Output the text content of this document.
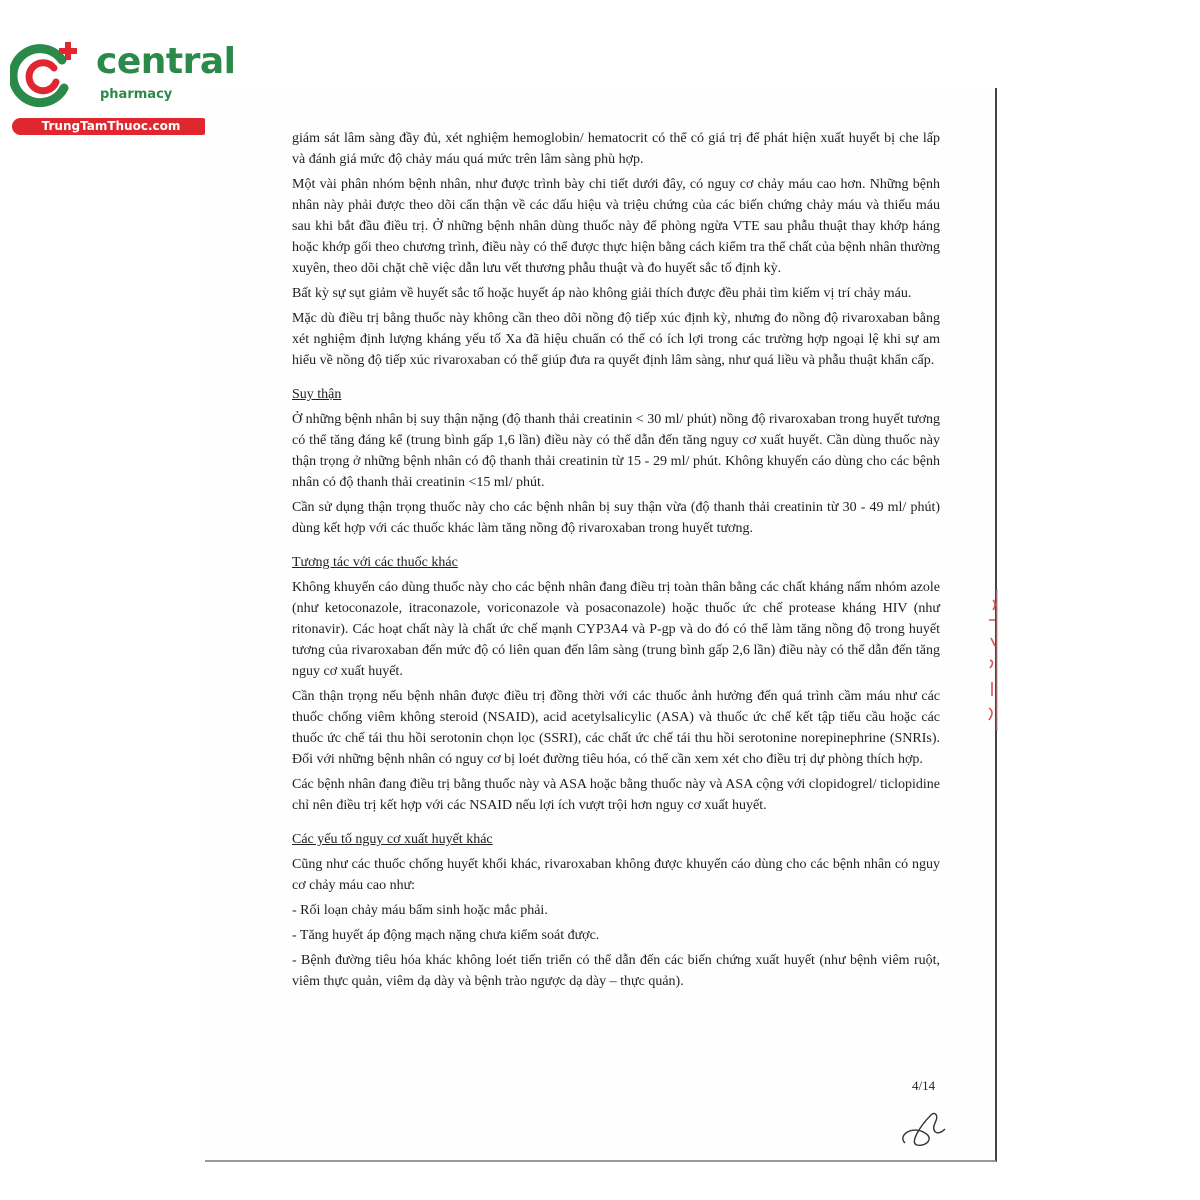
central
pharmacy
TrungTamThuoc.com

giám sát lâm sàng đầy đủ, xét nghiệm hemoglobin/ hematocrit có thể có giá trị để phát hiện xuất huyết bị che lấp và đánh giá mức độ chảy máu quá mức trên lâm sàng phù hợp.

Một vài phân nhóm bệnh nhân, như được trình bày chi tiết dưới đây, có nguy cơ chảy máu cao hơn. Những bệnh nhân này phải được theo dõi cẩn thận về các dấu hiệu và triệu chứng của các biến chứng chảy máu và thiếu máu sau khi bắt đầu điều trị. Ở những bệnh nhân dùng thuốc này để phòng ngừa VTE sau phẫu thuật thay khớp háng hoặc khớp gối theo chương trình, điều này có thể được thực hiện bằng cách kiểm tra thể chất của bệnh nhân thường xuyên, theo dõi chặt chẽ việc dẫn lưu vết thương phẫu thuật và đo huyết sắc tố định kỳ.

Bất kỳ sự sụt giảm về huyết sắc tố hoặc huyết áp nào không giải thích được đều phải tìm kiếm vị trí chảy máu.

Mặc dù điều trị bằng thuốc này không cần theo dõi nồng độ tiếp xúc định kỳ, nhưng đo nồng độ rivaroxaban bằng xét nghiệm định lượng kháng yếu tố Xa đã hiệu chuẩn có thể có ích lợi trong các trường hợp ngoại lệ khi sự am hiểu về nồng độ tiếp xúc rivaroxaban có thể giúp đưa ra quyết định lâm sàng, như quá liều và phẫu thuật khẩn cấp.

Suy thận

Ở những bệnh nhân bị suy thận nặng (độ thanh thải creatinin < 30 ml/ phút) nồng độ rivaroxaban trong huyết tương có thể tăng đáng kể (trung bình gấp 1,6 lần) điều này có thể dẫn đến tăng nguy cơ xuất huyết. Cần dùng thuốc này thận trọng ở những bệnh nhân có độ thanh thải creatinin từ 15 - 29 ml/ phút. Không khuyến cáo dùng cho các bệnh nhân có độ thanh thải creatinin <15 ml/ phút.

Cần sử dụng thận trọng thuốc này cho các bệnh nhân bị suy thận vừa (độ thanh thải creatinin từ 30 - 49 ml/ phút) dùng kết hợp với các thuốc khác làm tăng nồng độ rivaroxaban trong huyết tương.

Tương tác với các thuốc khác

Không khuyến cáo dùng thuốc này cho các bệnh nhân đang điều trị toàn thân bằng các chất kháng nấm nhóm azole (như ketoconazole, itraconazole, voriconazole và posaconazole) hoặc thuốc ức chế protease kháng HIV (như ritonavir). Các hoạt chất này là chất ức chế mạnh CYP3A4 và P-gp và do đó có thể làm tăng nồng độ trong huyết tương của rivaroxaban đến mức độ có liên quan đến lâm sàng (trung bình gấp 2,6 lần) điều này có thể dẫn đến tăng nguy cơ xuất huyết.

Cần thận trọng nếu bệnh nhân được điều trị đồng thời với các thuốc ảnh hưởng đến quá trình cầm máu như các thuốc chống viêm không steroid (NSAID), acid acetylsalicylic (ASA) và thuốc ức chế kết tập tiểu cầu hoặc các thuốc ức chế tái thu hồi serotonin chọn lọc (SSRI), các chất ức chế tái thu hồi serotonine norepinephrine (SNRIs). Đối với những bệnh nhân có nguy cơ bị loét đường tiêu hóa, có thể cần xem xét cho điều trị dự phòng thích hợp.

Các bệnh nhân đang điều trị bằng thuốc này và ASA hoặc bằng thuốc này và ASA cộng với clopidogrel/ ticlopidine chỉ nên điều trị kết hợp với các NSAID nếu lợi ích vượt trội hơn nguy cơ xuất huyết.

Các yếu tố nguy cơ xuất huyết khác

Cũng như các thuốc chống huyết khối khác, rivaroxaban không được khuyến cáo dùng cho các bệnh nhân có nguy cơ chảy máu cao như:

- Rối loạn chảy máu bẩm sinh hoặc mắc phải.

- Tăng huyết áp động mạch nặng chưa kiểm soát được.

- Bệnh đường tiêu hóa khác không loét tiến triển có thể dẫn đến các biến chứng xuất huyết (như bệnh viêm ruột, viêm thực quản, viêm dạ dày và bệnh trào ngược dạ dày – thực quản).

4/14
